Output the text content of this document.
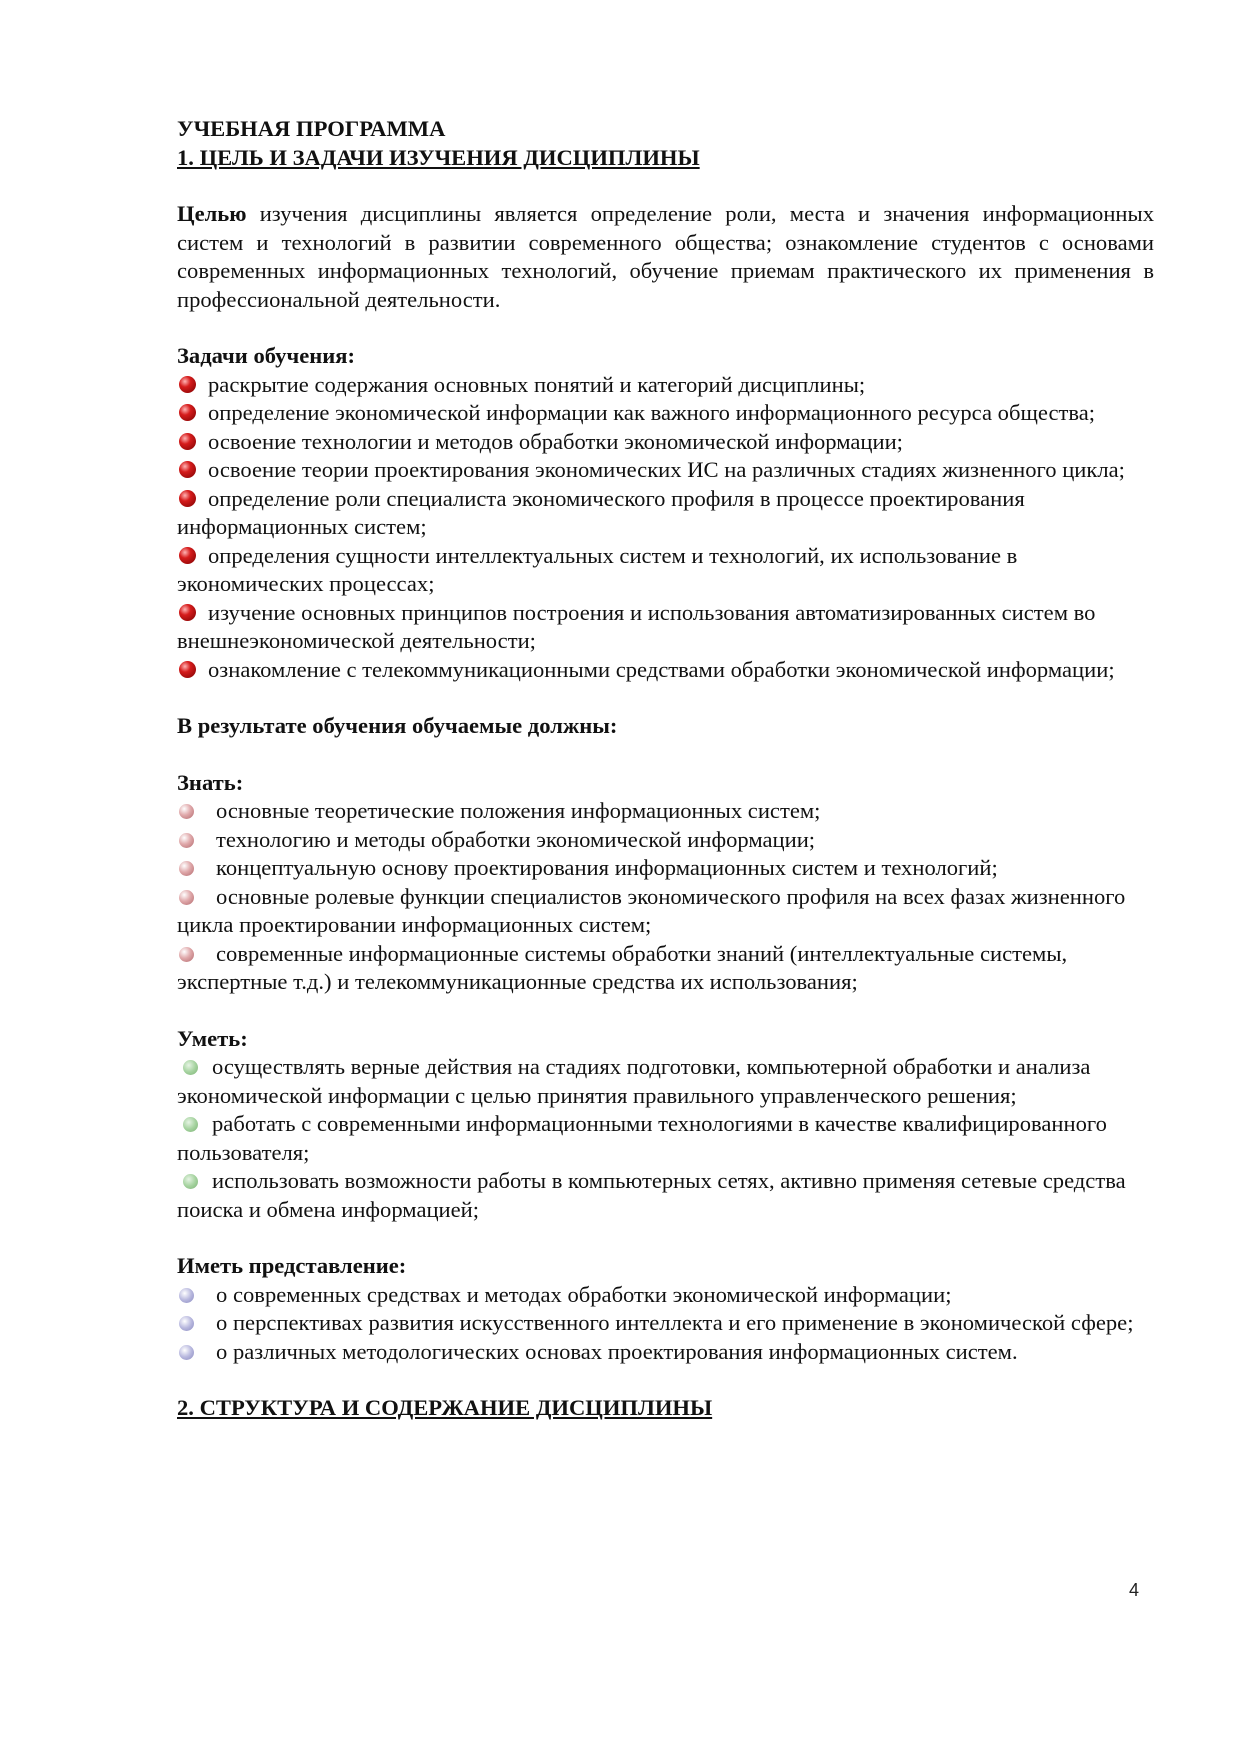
УЧЕБНАЯ ПРОГРАММА

1. ЦЕЛЬ И ЗАДАЧИ ИЗУЧЕНИЯ ДИСЦИПЛИНЫ

Целью изучения дисциплины является определение роли, места и значения информационных систем и технологий в развитии современного общества; ознакомление студентов с основами современных информационных технологий, обучение приемам практического их применения в профессиональной деятельности.

Задачи обучения:

раскрытие содержания основных понятий и категорий дисциплины;
определение экономической информации как важного информационного ресурса общества;
освоение технологии и методов обработки экономической информации;
освоение теории проектирования экономических ИС на различных стадиях жизненного цикла;
определение роли специалиста экономического профиля в процессе проектирования информационных систем;
определения сущности интеллектуальных систем и технологий, их использование в экономических процессах;
изучение основных принципов построения и использования автоматизированных систем во внешнеэкономической деятельности;
ознакомление с телекоммуникационными средствами обработки экономической информации;

В результате обучения обучаемые должны:

Знать:

основные теоретические положения информационных систем;
технологию и методы обработки экономической информации;
концептуальную основу проектирования информационных систем и технологий;
основные ролевые функции специалистов экономического профиля на всех фазах жизненного цикла проектировании информационных систем;
современные информационные системы обработки знаний (интеллектуальные системы, экспертные т.д.) и телекоммуникационные средства их использования;

Уметь:

осуществлять верные действия на стадиях подготовки, компьютерной обработки и анализа экономической информации с целью принятия правильного управленческого решения;
работать с современными информационными технологиями в качестве квалифицированного пользователя;
использовать возможности работы в компьютерных сетях, активно применяя сетевые средства поиска и обмена информацией;

Иметь представление:

о современных средствах и методах обработки экономической информации;
о перспективах развития искусственного интеллекта и его применение в экономической сфере;
о различных методологических основах проектирования информационных систем.

2. СТРУКТУРА И СОДЕРЖАНИЕ ДИСЦИПЛИНЫ

4
